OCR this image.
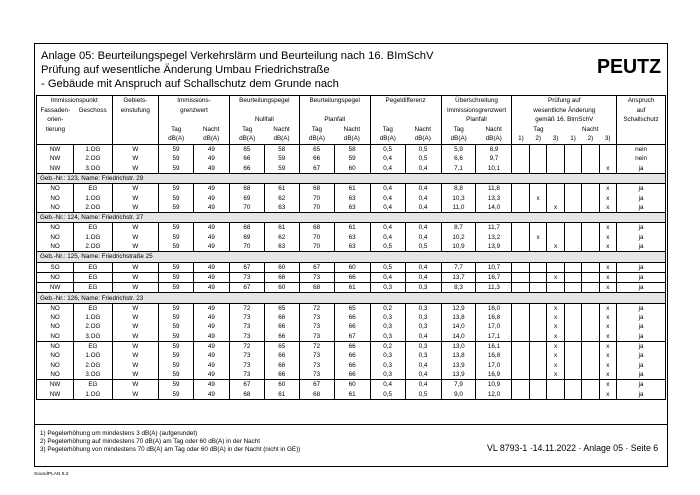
Anlage 05: Beurteilungspegel Verkehrslärm und Beurteilung nach 16. BImSchV
Prüfung auf wesentliche Änderung Umbau Friedrichstraße
- Gebäude mit Anspruch auf Schallschutz dem Grunde nach
PEUTZ
Immissionspunkt		Gebiets-	Immissions-		Beurteilungspegel		Beurteilungspegel		Pegeldifferenz		Überschreitung		Prüfung auf						Anspruch
Fassaden-	Geschoss	einstufung	grenzwert								Immissionsgrenzwert		wesentliche Änderung						auf
orien-					Nullfall		Planfall				Planfall		gemäß 16. BImSchV						Schallschutz
tierung			Tag	Nacht	Tag	Nacht	Tag	Nacht	Tag	Nacht	Tag	Nacht	Tag			Nacht			
			dB(A)	dB(A)	dB(A)	dB(A)	dB(A)	dB(A)	dB(A)	dB(A)	dB(A)	dB(A)	1)	2)	3)	1)	2)	3)	
NW	1.OG	W	59	49	65	58	65	58	0,5	0,5	5,9	8,9							nein
NW	2.OG	W	59	49	66	59	66	59	0,4	0,5	6,6	9,7							nein
NW	3.OG	W	59	49	66	59	67	60	0,4	0,4	7,1	10,1						x	ja
Geb.-Nr.: 123, Name: Friedrichstr. 29																			
NO	EG	W	59	49	68	61	68	61	0,4	0,4	8,8	11,8						x	ja
NO	1.OG	W	59	49	69	62	70	63	0,4	0,4	10,3	13,3		x				x	ja
NO	2.OG	W	59	49	70	63	70	63	0,4	0,4	11,0	14,0			x			x	ja
Geb.-Nr.: 124, Name: Friedrichstr. 27																			
NO	EG	W	59	49	68	61	68	61	0,4	0,4	8,7	11,7						x	ja
NO	1.OG	W	59	49	69	62	70	63	0,4	0,4	10,2	13,2		x				x	ja
NO	2.OG	W	59	49	70	63	70	63	0,5	0,5	10,9	13,9			x			x	ja
Geb.-Nr.: 125, Name: Friedrichstraße 25																			
SO	EG	W	59	49	67	60	67	60	0,5	0,4	7,7	10,7						x	ja
NO	EG	W	59	49	73	66	73	66	0,4	0,4	13,7	16,7			x			x	ja
NW	EG	W	59	49	67	60	68	61	0,3	0,3	8,3	11,3						x	ja
Geb.-Nr.: 126, Name: Friedrichstr. 23																			
NO	EG	W	59	49	72	65	72	65	0,2	0,3	12,9	16,0			x			x	ja
NO	1.OG	W	59	49	73	66	73	66	0,3	0,3	13,8	16,8			x			x	ja
NO	2.OG	W	59	49	73	66	73	66	0,3	0,3	14,0	17,0			x			x	ja
NO	3.OG	W	59	49	73	66	73	67	0,3	0,4	14,0	17,1			x			x	ja
NO	EG	W	59	49	72	65	72	66	0,2	0,3	13,0	16,1			x			x	ja
NO	1.OG	W	59	49	73	66	73	66	0,3	0,3	13,8	16,8			x			x	ja
NO	2.OG	W	59	49	73	66	73	66	0,3	0,4	13,9	17,0			x			x	ja
NO	3.OG	W	59	49	73	66	73	66	0,3	0,4	13,9	16,9			x			x	ja
NW	EG	W	59	49	67	60	67	60	0,4	0,4	7,9	10,9						x	ja
NW	1.OG	W	59	49	68	61	68	61	0,5	0,5	9,0	12,0						x	ja
1) Pegelerhöhung um mindestens 3 dB(A) (aufgerundet)
2) Pegelerhöhung auf mindestens 70 dB(A) am Tag oder 60 dB(A) in der Nacht
3) Pegelerhöhung von mindestens 70 dB(A) am Tag oder 60 dB(A) in der Nacht (nicht in GE))	VL 8793-1 ·14.11.2022 · Anlage 05 · Seite 6
SoundPLAN 8.2
